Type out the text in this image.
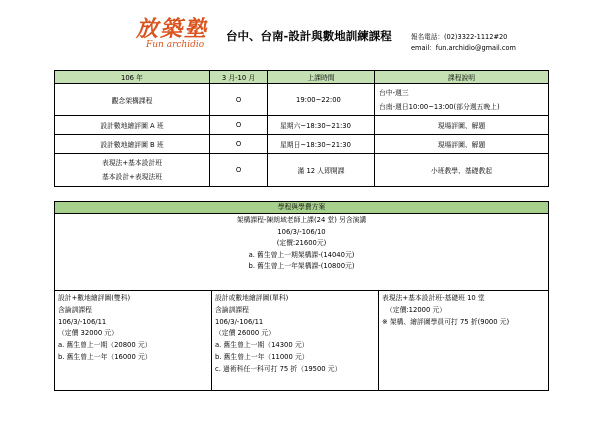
放築塾
Fun archidio
台中、台南-設計與數地訓練課程	報名電話：(02)3322-1112#20
email：fun.archidio@gmail.com
106 年	3 月-10 月	上課時間	課程說明
觀念架構課程	O	19:00~22:00	台中-週三
台南-週日10:00~13:00(部分週五晚上)

設計數地繪評圖 A 班	O	星期六~18:30~21:30	現場評圖、解題
設計數地繪評圖 B 班	O	星期日~18:30~21:30	現場評圖、解題

表現法+基本設計班
基本設計+表現法班	O	滿 12 人即開課	小班教學、基礎教起
學程與學費方案
架構課程-陳朗域老師上課(24 堂) 另含演講
106/3/-106/10
(定價:21600元)
a. 舊生曾上一期架構課-(14040元)
b. 舊生曾上一年架構課-(10800元)
設計+數地繪評圖(雙科)
含論訓課程
106/3/-106/11
（定價 32000 元）
a. 舊生曾上一期（20800 元）
b. 舊生曾上一年（16000 元）
設計或數地繪評圖(單科)
含論訓課程
106/3/-106/11
（定價 26000 元）
a. 舊生曾上一期（14300 元）
b. 舊生曾上一年（11000 元）
c. 過術科任一科可打 75 折（19500 元）
表現法+基本設計班-基礎班 10 堂
（定價:12000 元）
※ 架構、繪評圖學員可打 75 折(9000 元)
